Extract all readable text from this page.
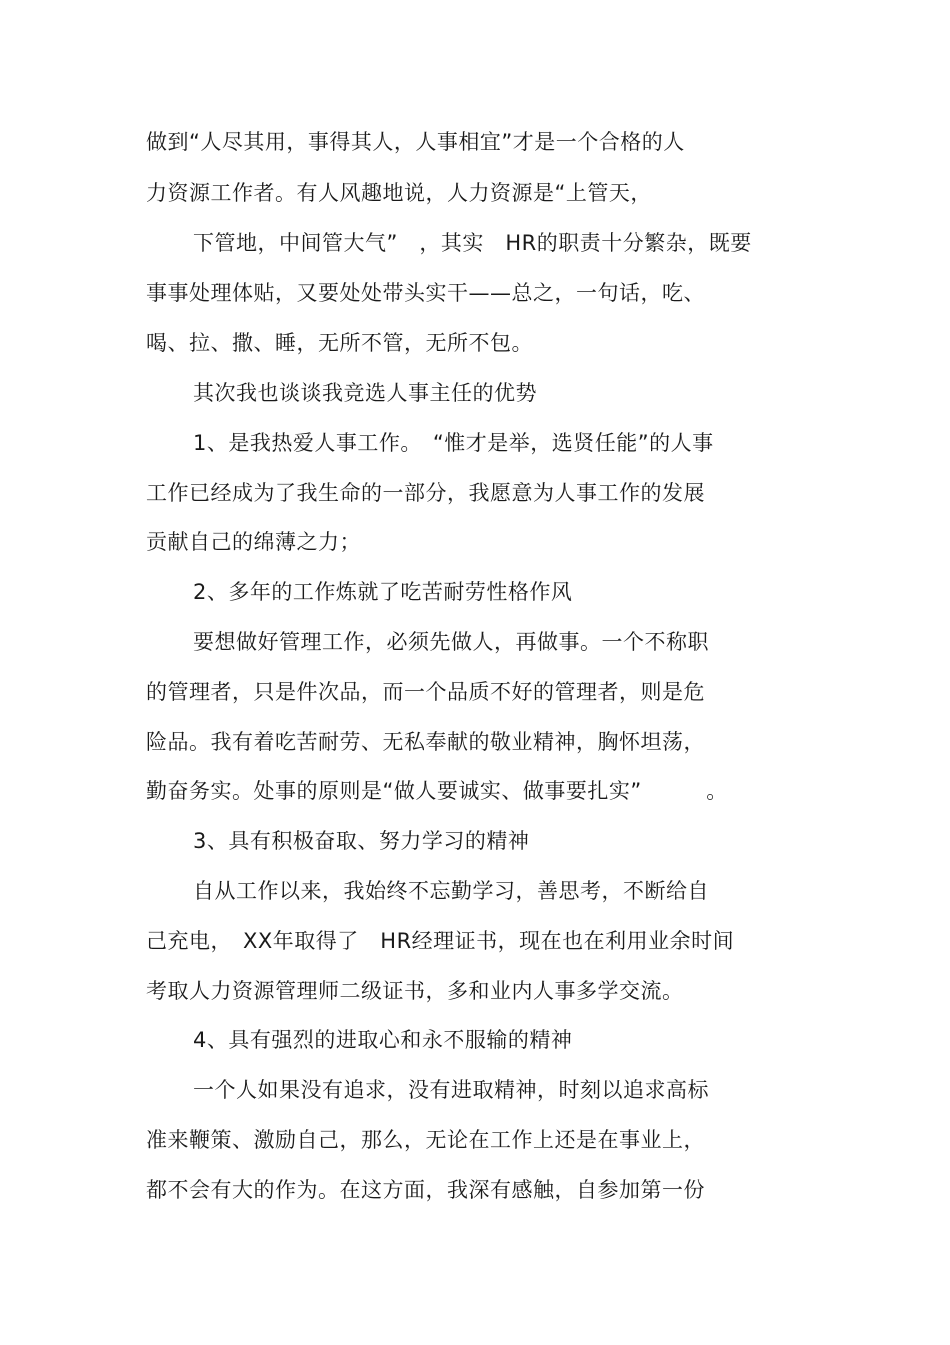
做到“人尽其用，事得其人，人事相宜”才是一个合格的人
力资源工作者。有人风趣地说，人力资源是“上管天，
下管地，中间管大气”　，其实　HR的职责十分繁杂，既要
事事处理体贴，又要处处带头实干——总之，一句话，吃、
喝、拉、撒、睡，无所不管，无所不包。
其次我也谈谈我竞选人事主任的优势
1、是我热爱人事工作。　“惟才是举，选贤任能”的人事
工作已经成为了我生命的一部分，我愿意为人事工作的发展
贡献自己的绵薄之力；
2、多年的工作炼就了吃苦耐劳性格作风
要想做好管理工作，必须先做人，再做事。一个不称职
的管理者，只是件次品，而一个品质不好的管理者，则是危
险品。我有着吃苦耐劳、无私奉献的敬业精神，胸怀坦荡，
勤奋务实。处事的原则是“做人要诚实、做事要扎实”　　　。
3、具有积极奋取、努力学习的精神
自从工作以来，我始终不忘勤学习，善思考，不断给自
己充电，　XX年取得了　HR经理证书，现在也在利用业余时间
考取人力资源管理师二级证书，多和业内人事多学交流。
4、具有强烈的进取心和永不服输的精神
一个人如果没有追求，没有进取精神，时刻以追求高标
准来鞭策、激励自己，那么，无论在工作上还是在事业上，
都不会有大的作为。在这方面，我深有感触，自参加第一份
